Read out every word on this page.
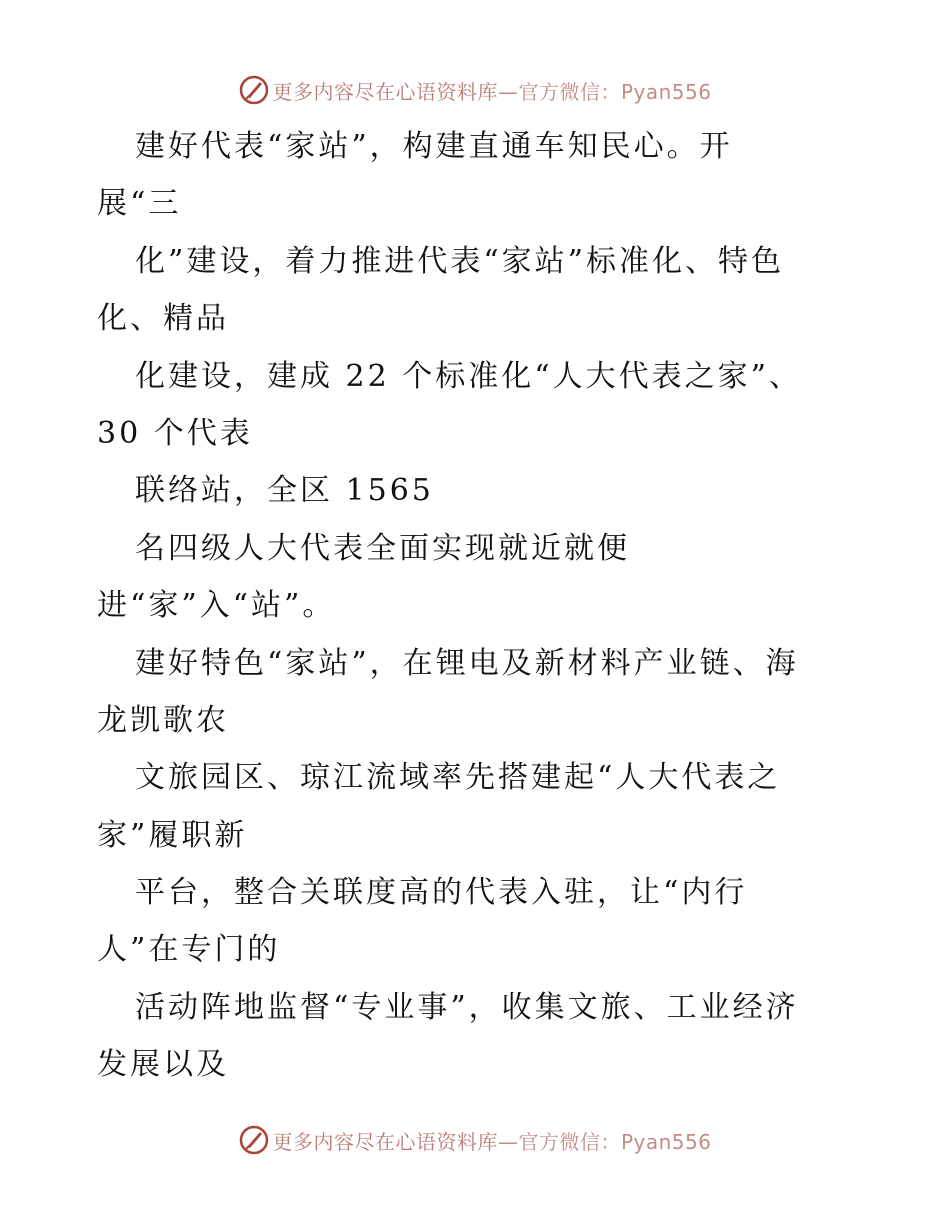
更多内容尽在心语资料库—官方微信：Pyan556
建好代表“家站”，构建直通车知民心。开
展“三
化”建设，着力推进代表“家站”标准化、特色
化、精品
化建设，建成 22 个标准化“人大代表之家”、
30 个代表
联络站，全区 1565
名四级人大代表全面实现就近就便
进“家”入“站”。
建好特色“家站”，在锂电及新材料产业链、海
龙凯歌农
文旅园区、琼江流域率先搭建起“人大代表之
家”履职新
平台，整合关联度高的代表入驻，让“内行
人”在专门的
活动阵地监督“专业事”，收集文旅、工业经济
发展以及
更多内容尽在心语资料库—官方微信：Pyan556
